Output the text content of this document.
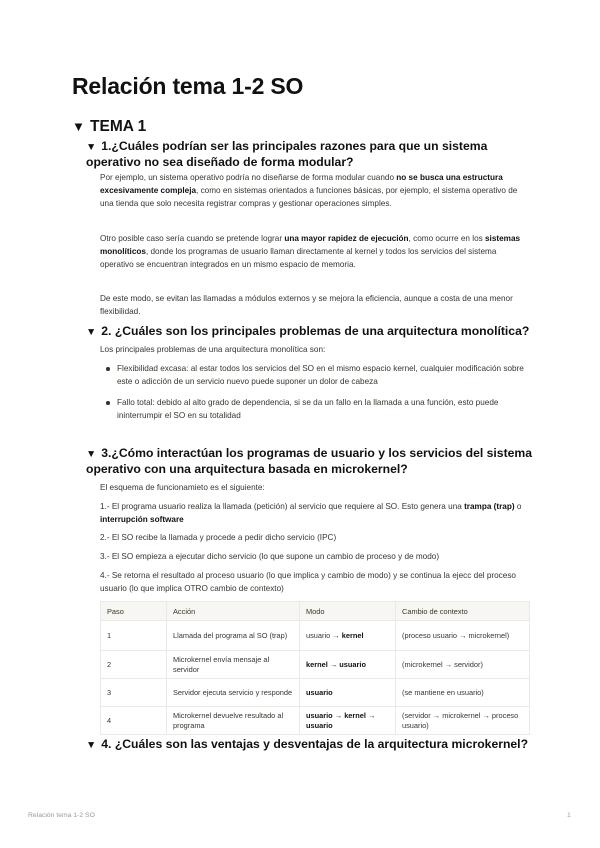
Relación tema 1-2 SO
▼ TEMA 1
▼ 1.¿Cuáles podrían ser las principales razones para que un sistema operativo no sea diseñado de forma modular?
Por ejemplo, un sistema operativo podría no diseñarse de forma modular cuando no se busca una estructura excesivamente compleja, como en sistemas orientados a funciones básicas, por ejemplo, el sistema operativo de una tienda que solo necesita registrar compras y gestionar operaciones simples.
Otro posible caso sería cuando se pretende lograr una mayor rapidez de ejecución, como ocurre en los sistemas monolíticos, donde los programas de usuario llaman directamente al kernel y todos los servicios del sistema operativo se encuentran integrados en un mismo espacio de memoria.
De este modo, se evitan las llamadas a módulos externos y se mejora la eficiencia, aunque a costa de una menor flexibilidad.
▼ 2. ¿Cuáles son los principales problemas de una arquitectura monolítica?
Los principales problemas de una arquitectura monolítica son:
Flexibilidad excasa: al estar todos los servicios del SO en el mismo espacio kernel, cualquier modificación sobre este o adicción de un servicio nuevo puede suponer un dolor de cabeza
Fallo total: debido al alto grado de dependencia, si se da un fallo en la llamada a una función, esto puede ininterrumpir el SO en su totalidad
▼ 3.¿Cómo interactúan los programas de usuario y los servicios del sistema operativo con una arquitectura basada en microkernel?
El esquema de funcionamieto es el siguiente:
1.- El programa usuario realiza la llamada (petición) al servicio que requiere al SO. Esto genera una trampa (trap) o interrupción software
2.- El SO recibe la llamada y procede a pedir dicho servicio (IPC)
3.- El SO empieza a ejecutar dicho servicio (lo que supone un cambio de proceso y de modo)
4.- Se retorna el resultado al proceso usuario (lo que implica y cambio de modo) y se continua la ejecc del proceso usuario (lo que implica OTRO cambio de contexto)
Paso	Acción	Modo	Cambio de contexto
1	Llamada del programa al SO (trap)	usuario → kernel	(proceso usuario → microkernel)
2	Microkernel envía mensaje al servidor	kernel → usuario	(microkernel → servidor)
3	Servidor ejecuta servicio y responde	usuario	(se mantiene en usuario)
4	Microkernel devuelve resultado al programa	usuario → kernel → usuario	(servidor → microkernel → proceso usuario)
▼ 4. ¿Cuáles son las ventajas y desventajas de la arquitectura microkernel?
Relación tema 1-2 SO	1
